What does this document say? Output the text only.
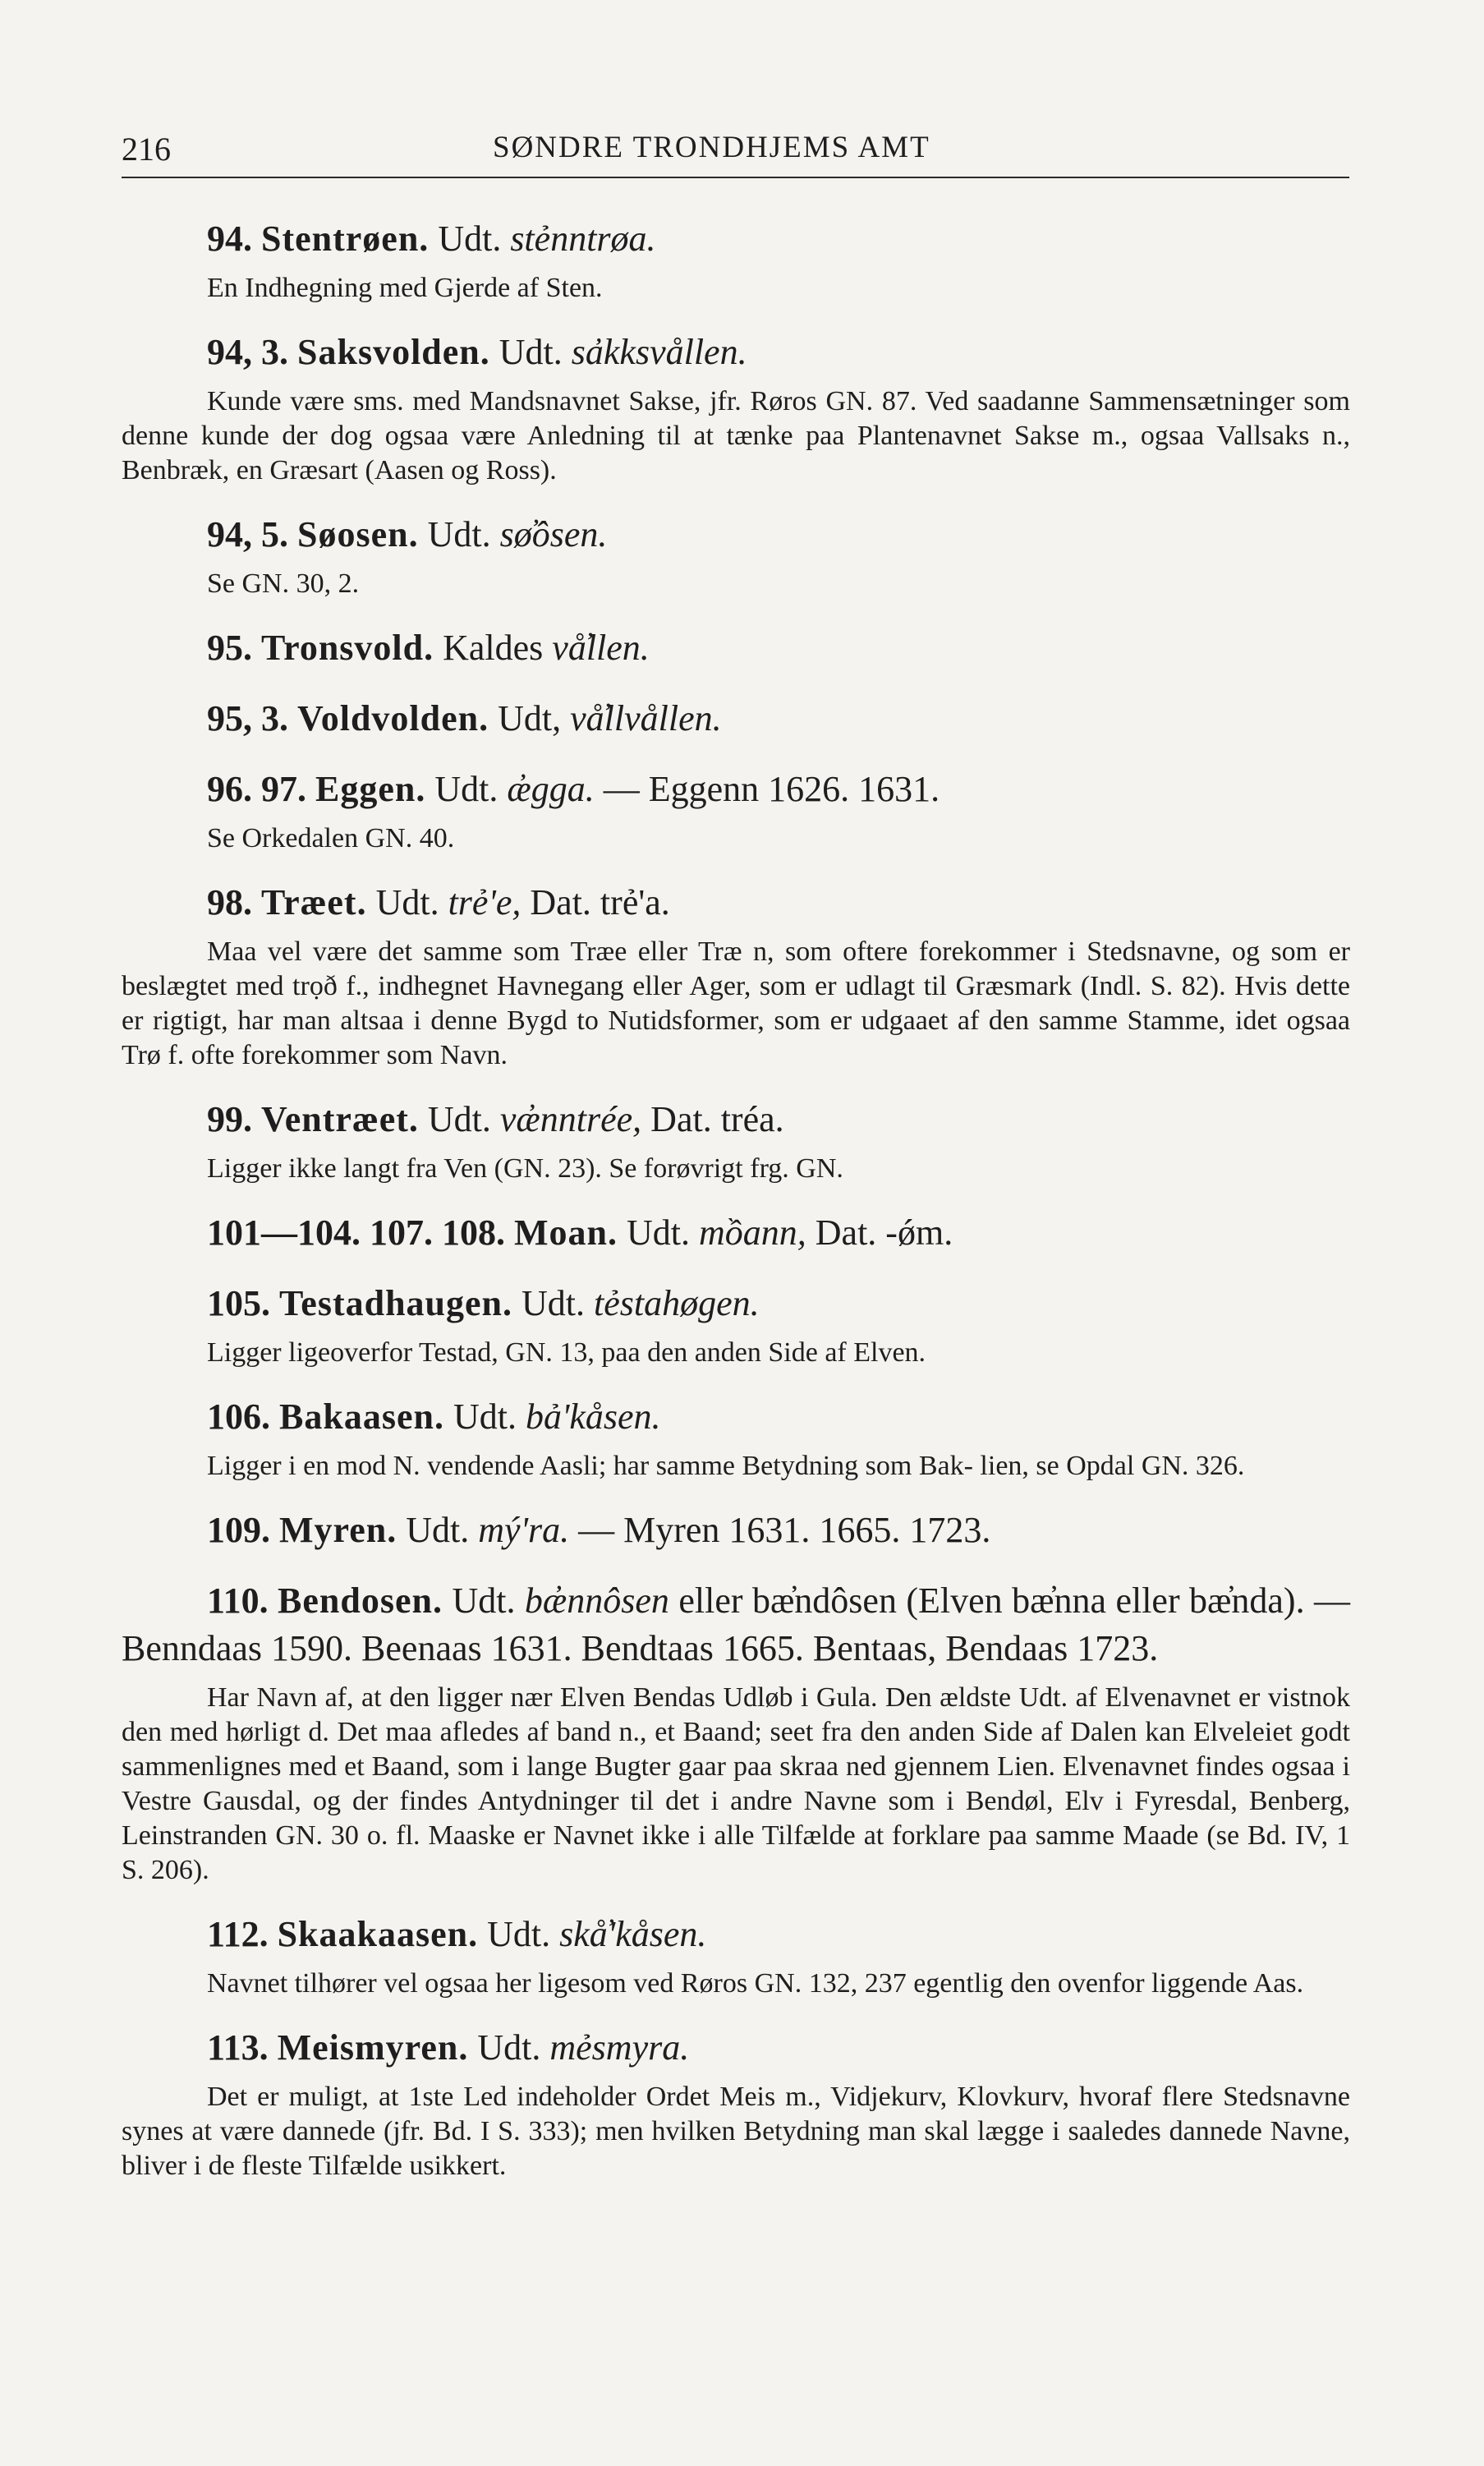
216	SØNDRE TRONDHJEMS AMT
94. Stentrøen. Udt. stẻnntrøa.
En Indhegning med Gjerde af Sten.
94, 3. Saksvolden. Udt. sa̓kksvållen.
Kunde være sms. med Mandsnavnet Sakse, jfr. Røros GN. 87. Ved saadanne Sammensætninger som denne kunde der dog ogsaa være Anledning til at tænke paa Plantenavnet Sakse m., ogsaa Vallsaks n., Benbræk, en Græsart (Aasen og Ross).
94, 5. Søosen. Udt. sø̓ôsen.
Se GN. 30, 2.
95. Tronsvold. Kaldes vå̓llen.
95, 3. Voldvolden. Udt, vå̓llvållen.
96. 97. Eggen. Udt. æ̓gga. — Eggenn 1626. 1631.
Se Orkedalen GN. 40.
98. Træet. Udt. trẻ'e, Dat. trẻ'a.
Maa vel være det samme som Træe eller Træ n, som oftere forekommer i Stedsnavne, og som er beslægtet med trọð f., indhegnet Havnegang eller Ager, som er udlagt til Græsmark (Indl. S. 82). Hvis dette er rigtigt, har man altsaa i denne Bygd to Nutidsformer, som er udgaaet af den samme Stamme, idet ogsaa Trø f. ofte forekommer som Navn.
99. Ventræet. Udt. væ̓nntrée, Dat. tréa.
Ligger ikke langt fra Ven (GN. 23). Se forøvrigt frg. GN.
101—104. 107. 108. Moan. Udt. mồann, Dat. -ǿm.
105. Testadhaugen. Udt. tẻstahøgen.
Ligger ligeoverfor Testad, GN. 13, paa den anden Side af Elven.
106. Bakaasen. Udt. bả'kåsen.
Ligger i en mod N. vendende Aasli; har samme Betydning som Bak- lien, se Opdal GN. 326.
109. Myren. Udt. mý'ra. — Myren 1631. 1665. 1723.
110. Bendosen. Udt. bæ̓nnôsen eller bæ̓ndôsen (Elven bæ̓nna eller bæ̓nda). — Benndaas 1590. Beenaas 1631. Bendtaas 1665. Bentaas, Bendaas 1723.
Har Navn af, at den ligger nær Elven Bendas Udløb i Gula. Den ældste Udt. af Elvenavnet er vistnok den med hørligt d. Det maa afledes af band n., et Baand; seet fra den anden Side af Dalen kan Elveleiet godt sammenlignes med et Baand, som i lange Bugter gaar paa skraa ned gjennem Lien. Elvenavnet findes ogsaa i Vestre Gausdal, og der findes Antydninger til det i andre Navne som i Bendøl, Elv i Fyresdal, Benberg, Leinstranden GN. 30 o. fl. Maaske er Navnet ikke i alle Tilfælde at forklare paa samme Maade (se Bd. IV, 1 S. 206).
112. Skaakaasen. Udt. skå̓'kåsen.
Navnet tilhører vel ogsaa her ligesom ved Røros GN. 132, 237 egentlig den ovenfor liggende Aas.
113. Meismyren. Udt. mẻsmyra.
Det er muligt, at 1ste Led indeholder Ordet Meis m., Vidjekurv, Klovkurv, hvoraf flere Stedsnavne synes at være dannede (jfr. Bd. I S. 333); men hvilken Betydning man skal lægge i saaledes dannede Navne, bliver i de fleste Tilfælde usikkert.
